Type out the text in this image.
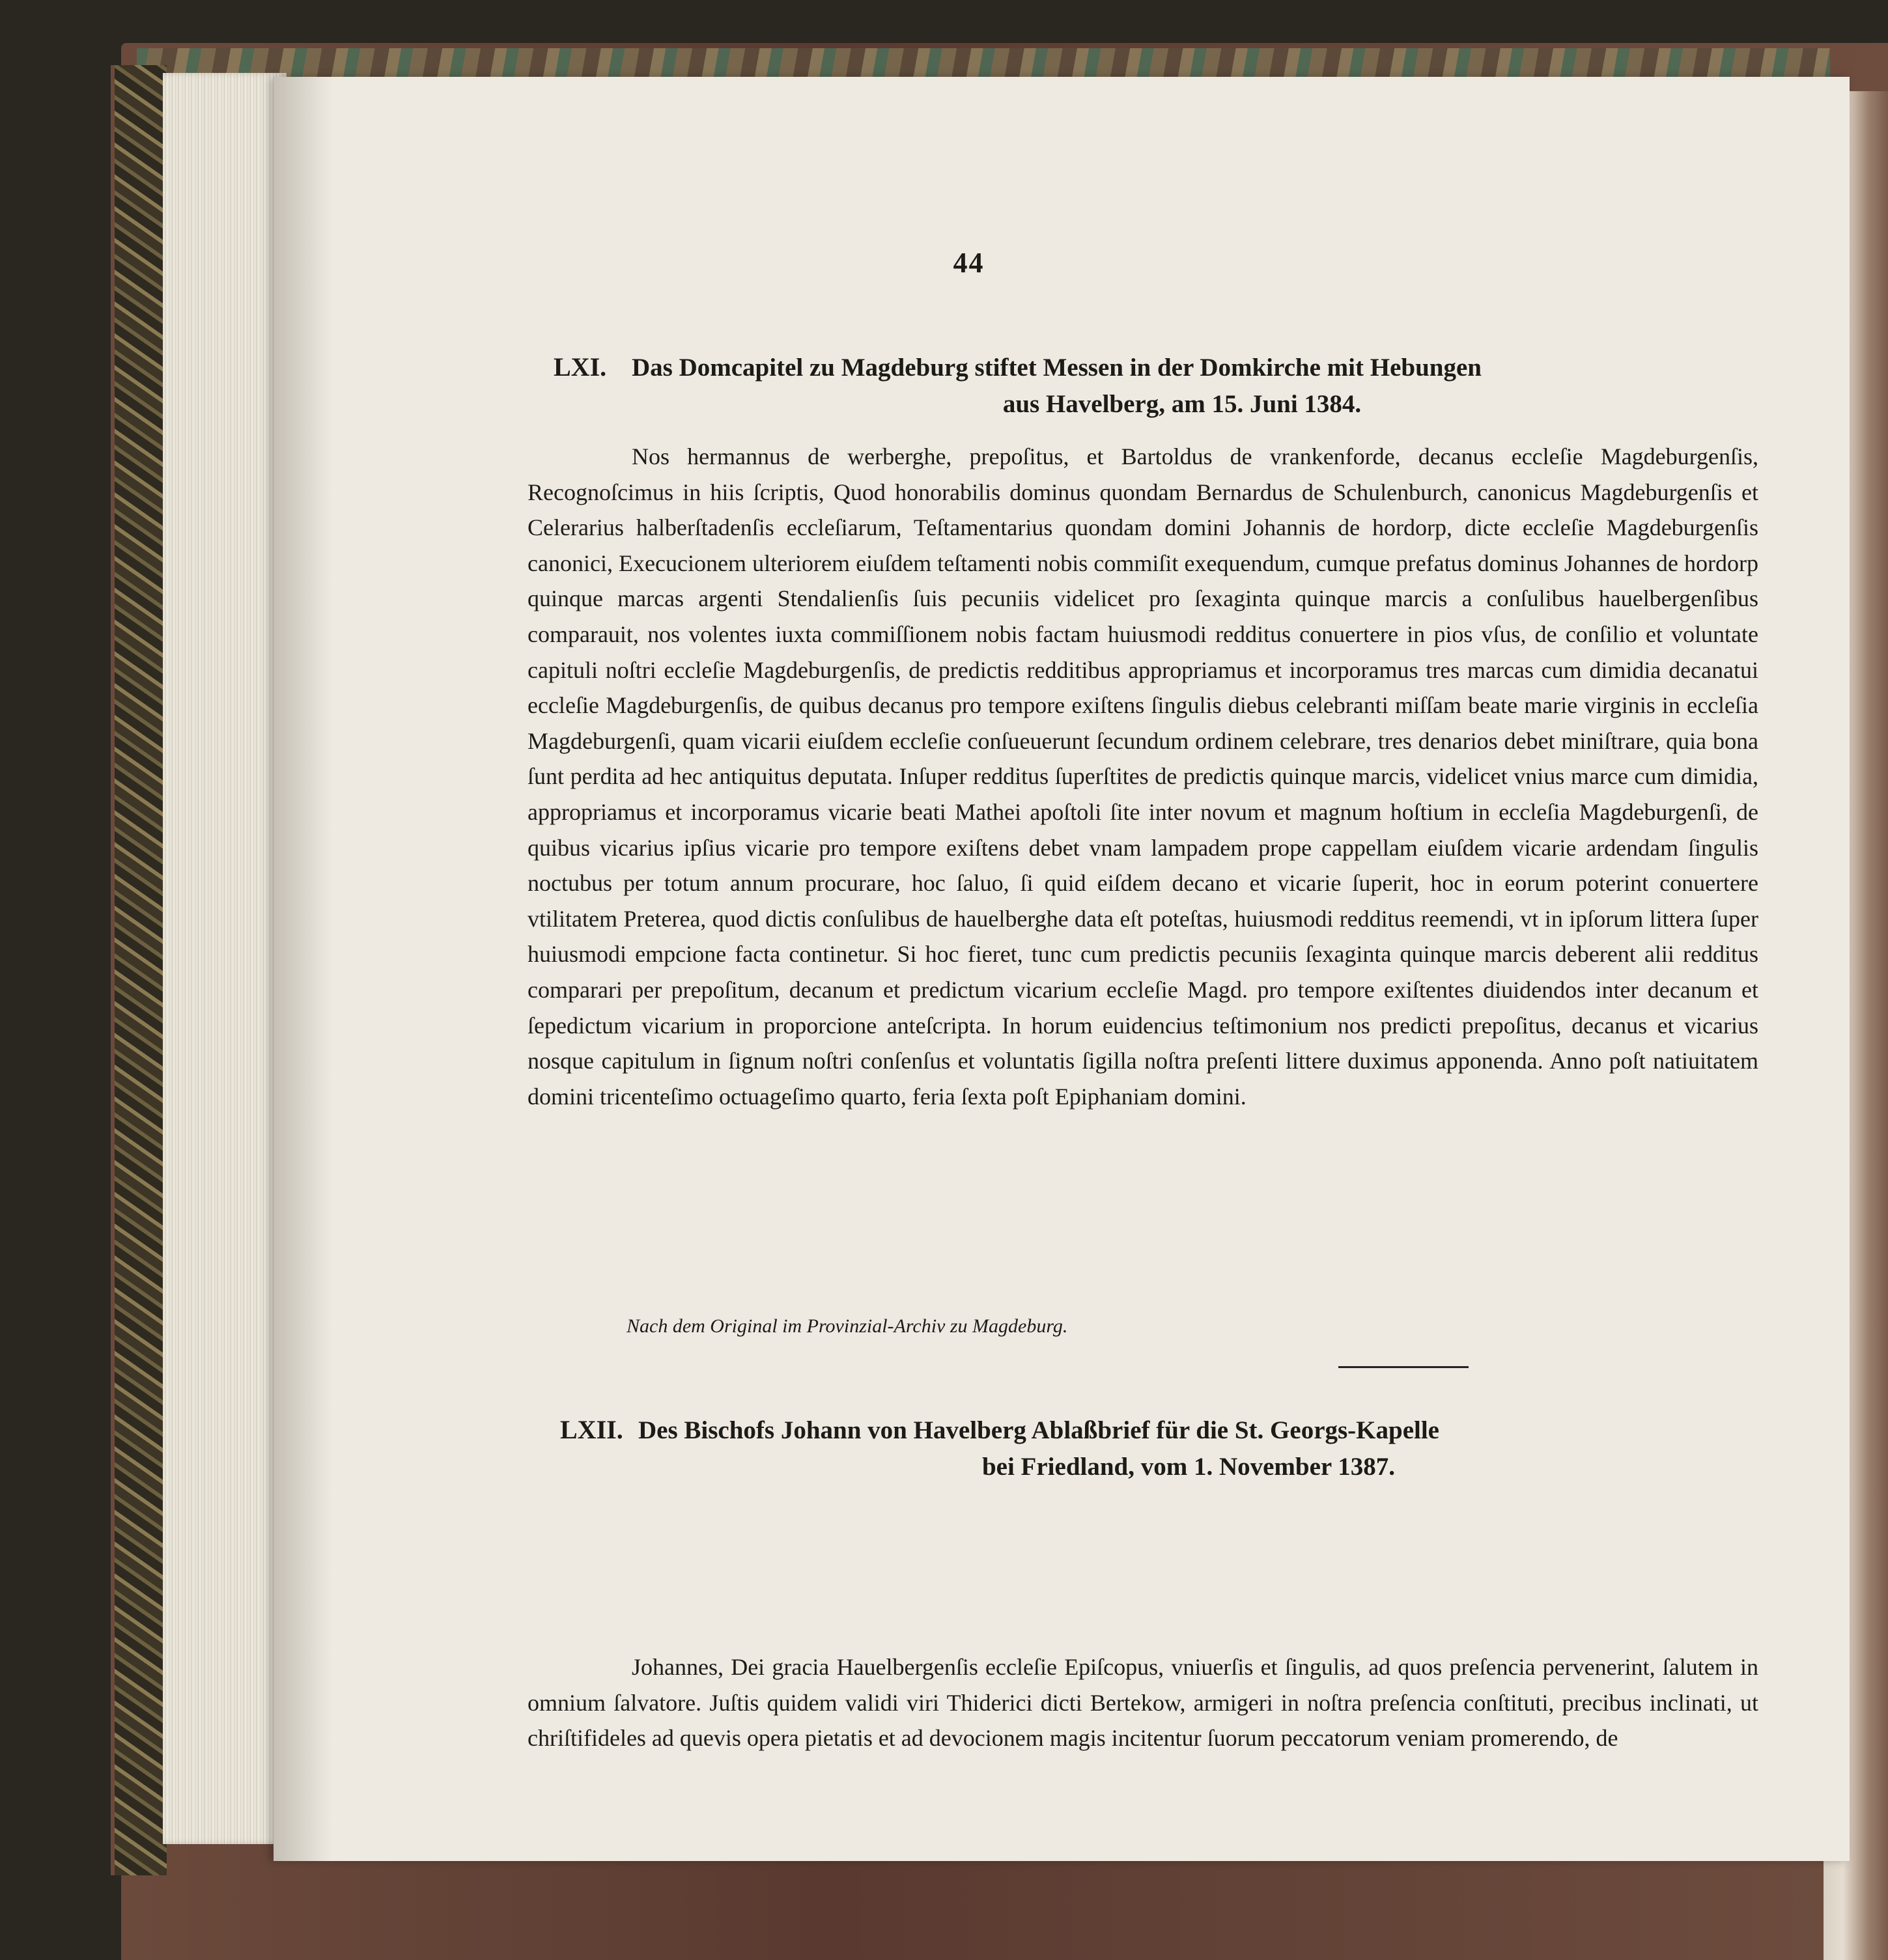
44
LXI. Das Domcapitel zu Magdeburg stiftet Messen in der Domkirche mit Hebungen
aus Havelberg, am 15. Juni 1384.
Nos hermannus de werberghe, prepoſitus, et Bartoldus de vrankenforde, decanus eccleſie Magdeburgenſis, Recognoſcimus in hiis ſcriptis, Quod honorabilis dominus quondam Bernardus de Schulenburch, canonicus Magdeburgenſis et Celerarius halberſtadenſis eccleſiarum, Teſtamentarius quondam domini Johannis de hordorp, dicte eccleſie Magdeburgenſis canonici, Execucionem ulteriorem eiuſdem teſtamenti nobis commiſit exequendum, cumque prefatus dominus Johannes de hordorp quinque marcas argenti Stendalienſis ſuis pecuniis videlicet pro ſexaginta quinque marcis a conſulibus hauelbergenſibus comparauit, nos volentes iuxta commiſſionem nobis factam huiusmodi redditus conuertere in pios vſus, de conſilio et voluntate capituli noſtri eccleſie Magdeburgenſis, de predictis redditibus appropriamus et incorporamus tres marcas cum dimidia decanatui eccleſie Magdeburgenſis, de quibus decanus pro tempore exiſtens ſingulis diebus celebranti miſſam beate marie virginis in eccleſia Magdeburgenſi, quam vicarii eiuſdem eccleſie conſueuerunt ſecundum ordinem celebrare, tres denarios debet miniſtrare, quia bona ſunt perdita ad hec antiquitus deputata. Inſuper redditus ſuperſtites de predictis quinque marcis, videlicet vnius marce cum dimidia, appropriamus et incorporamus vicarie beati Mathei apoſtoli ſite inter novum et magnum hoſtium in eccleſia Magdeburgenſi, de quibus vicarius ipſius vicarie pro tempore exiſtens debet vnam lampadem prope cappellam eiuſdem vicarie ardendam ſingulis noctubus per totum annum procurare, hoc ſaluo, ſi quid eiſdem decano et vicarie ſuperit, hoc in eorum poterint conuertere vtilitatem Preterea, quod dictis conſulibus de hauelberghe data eſt poteſtas, huiusmodi redditus reemendi, vt in ipſorum littera ſuper huiusmodi empcione facta continetur. Si hoc fieret, tunc cum predictis pecuniis ſexaginta quinque marcis deberent alii redditus comparari per prepoſitum, decanum et predictum vicarium eccleſie Magd. pro tempore exiſtentes diuidendos inter decanum et ſepedictum vicarium in proporcione anteſcripta. In horum euidencius teſtimonium nos predicti prepoſitus, decanus et vicarius nosque capitulum in ſignum noſtri conſenſus et voluntatis ſigilla noſtra preſenti littere duximus apponenda. Anno poſt natiuitatem domini tricenteſimo octuageſimo quarto, feria ſexta poſt Epiphaniam domini.
Nach dem Original im Provinzial-Archiv zu Magdeburg.
LXII. Des Bischofs Johann von Havelberg Ablaßbrief für die St. Georgs-Kapelle
bei Friedland, vom 1. November 1387.
Johannes, Dei gracia Hauelbergenſis eccleſie Epiſcopus, vniuerſis et ſingulis, ad quos preſencia pervenerint, ſalutem in omnium ſalvatore. Juſtis quidem validi viri Thiderici dicti Bertekow, armigeri in noſtra preſencia conſtituti, precibus inclinati, ut chriſtifideles ad quevis opera pietatis et ad devocionem magis incitentur ſuorum peccatorum veniam promerendo, de
